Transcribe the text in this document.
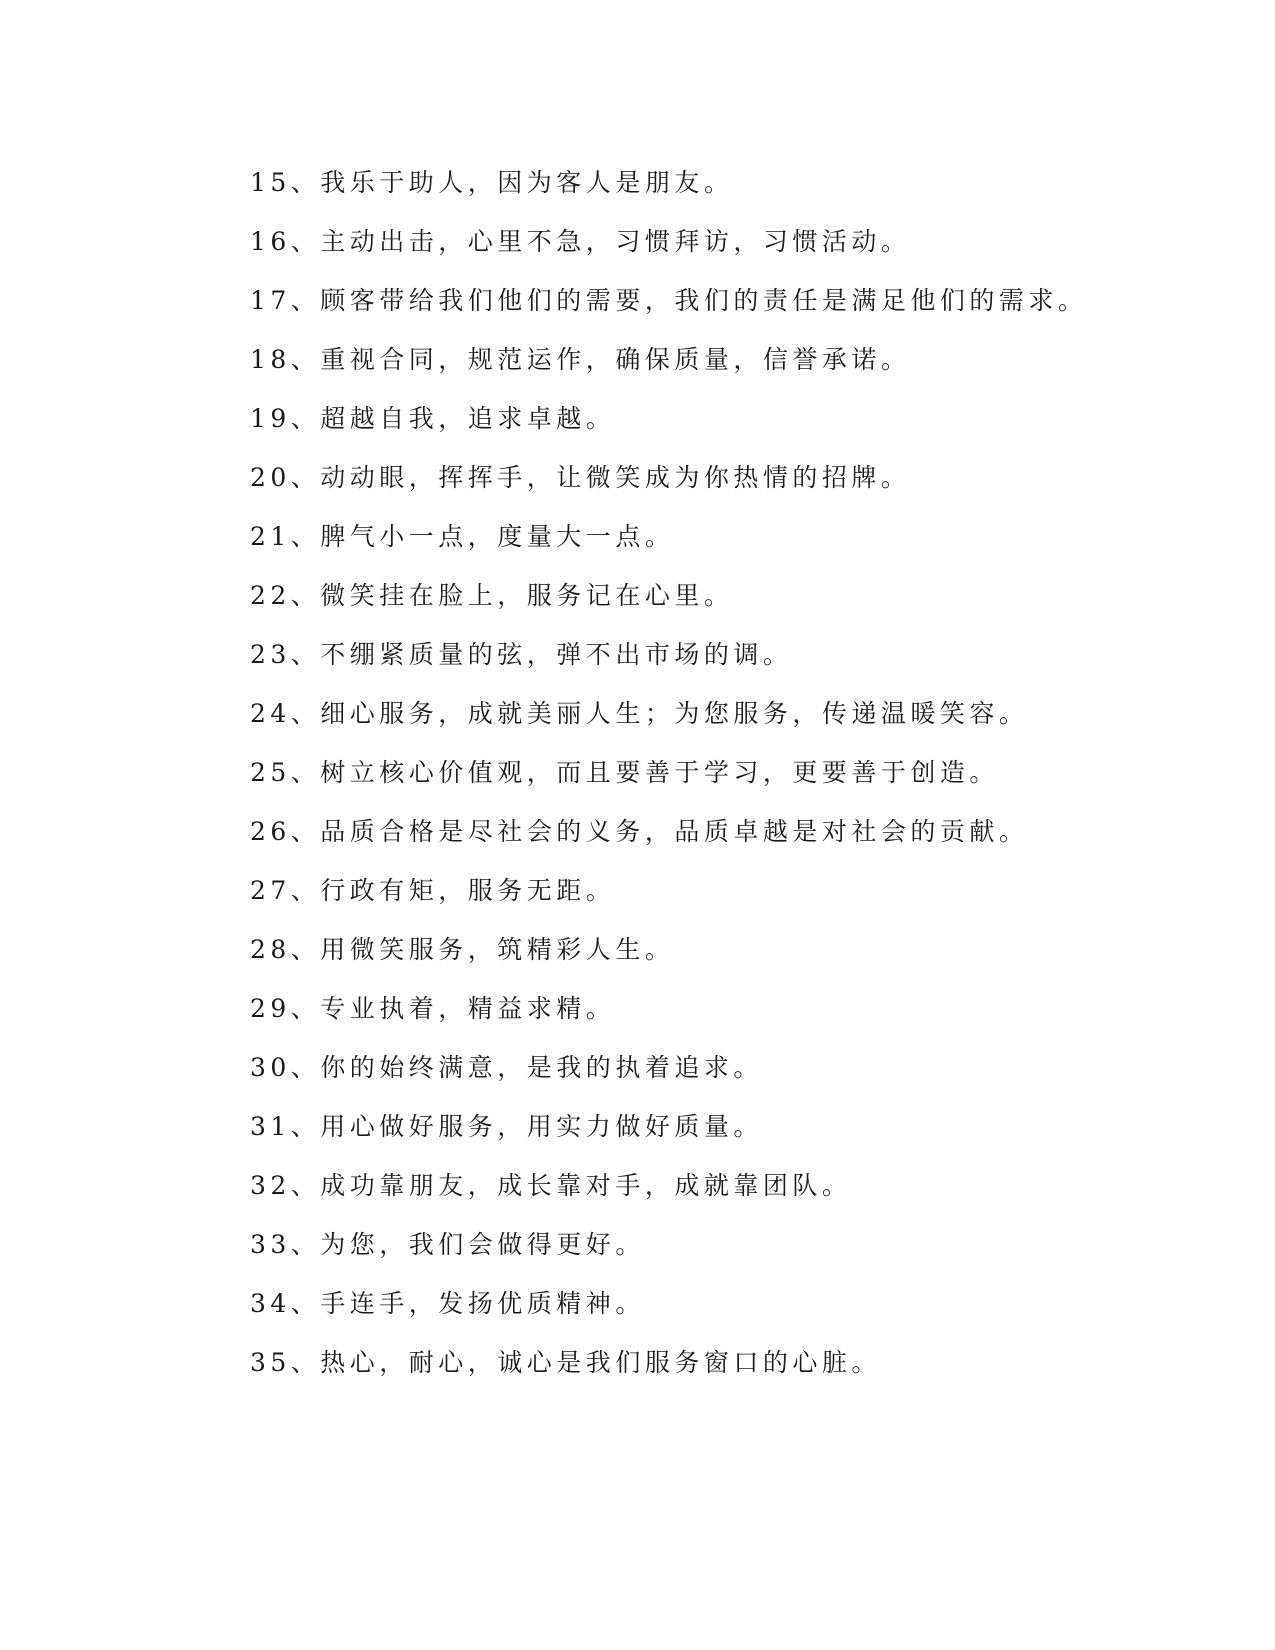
15、我乐于助人，因为客人是朋友。
16、主动出击，心里不急，习惯拜访，习惯活动。
17、顾客带给我们他们的需要，我们的责任是满足他们的需求。
18、重视合同，规范运作，确保质量，信誉承诺。
19、超越自我，追求卓越。
20、动动眼，挥挥手，让微笑成为你热情的招牌。
21、脾气小一点，度量大一点。
22、微笑挂在脸上，服务记在心里。
23、不绷紧质量的弦，弹不出市场的调。
24、细心服务，成就美丽人生；为您服务，传递温暖笑容。
25、树立核心价值观，而且要善于学习，更要善于创造。
26、品质合格是尽社会的义务，品质卓越是对社会的贡献。
27、行政有矩，服务无距。
28、用微笑服务，筑精彩人生。
29、专业执着，精益求精。
30、你的始终满意，是我的执着追求。
31、用心做好服务，用实力做好质量。
32、成功靠朋友，成长靠对手，成就靠团队。
33、为您，我们会做得更好。
34、手连手，发扬优质精神。
35、热心，耐心，诚心是我们服务窗口的心脏。
